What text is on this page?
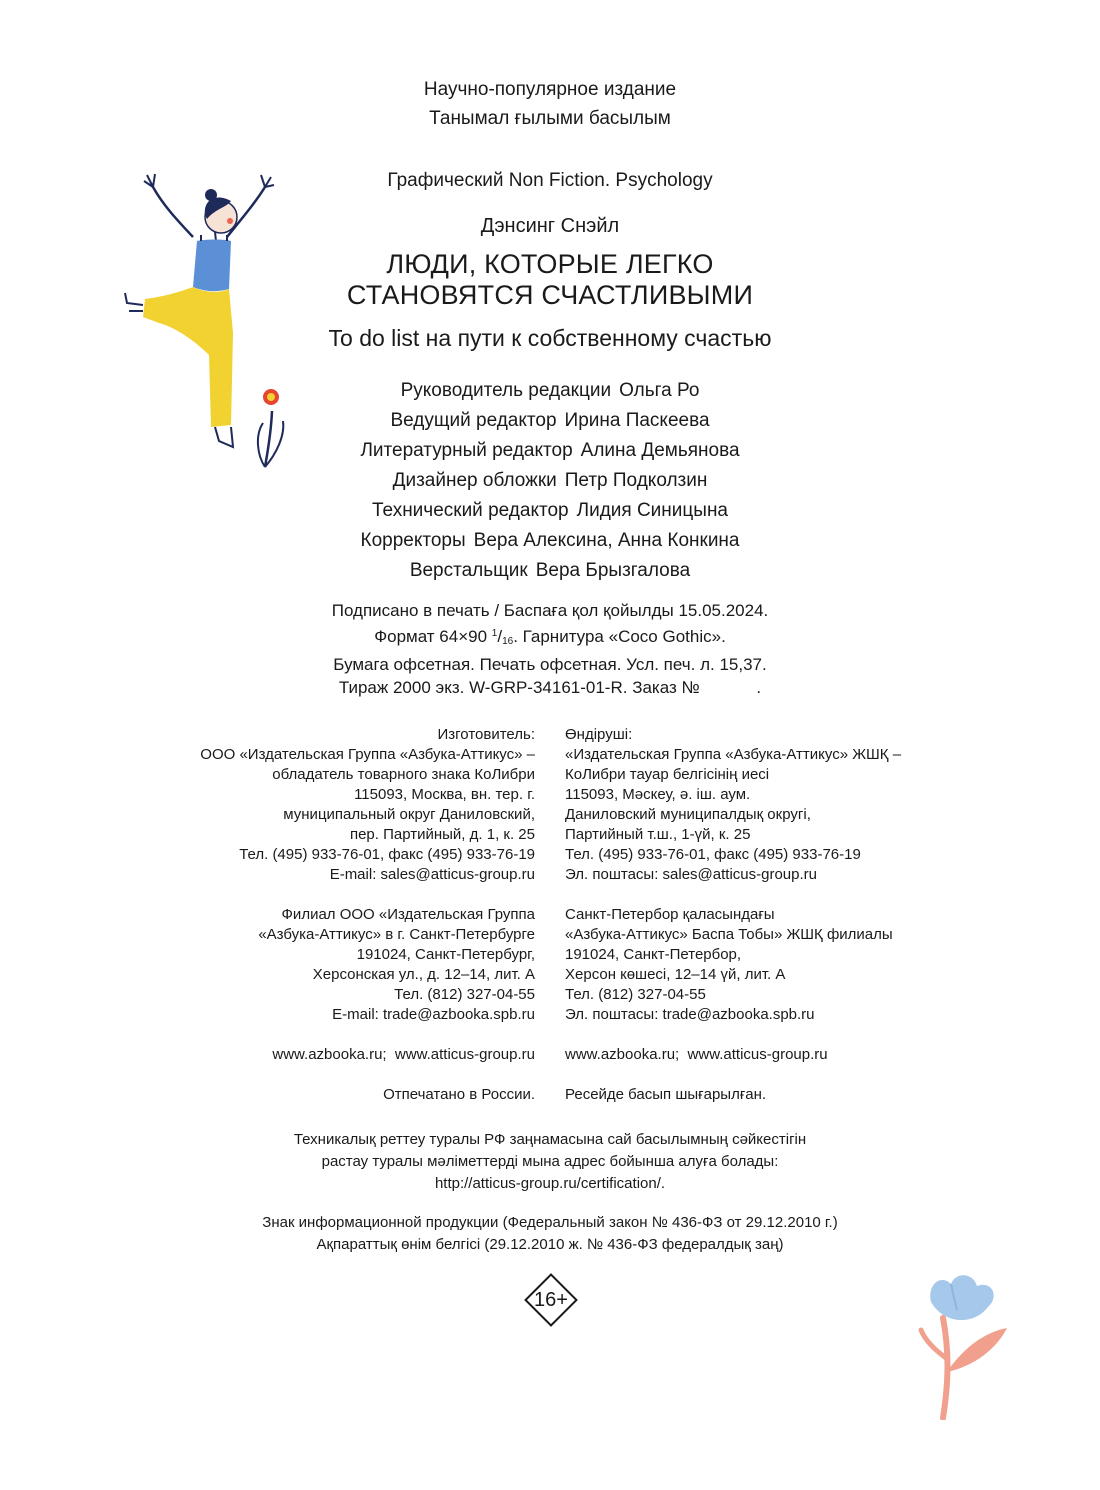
Научно-популярное издание
Танымал ғылыми басылым
Графический Non Fiction. Psychology
Дэнсинг Снэйл
ЛЮДИ, КОТОРЫЕ ЛЕГКО
СТАНОВЯТСЯ СЧАСТЛИВЫМИ
To do list на пути к собственному счастью
Руководитель редакции Ольга Ро
Ведущий редактор Ирина Паскеева
Литературный редактор Алина Демьянова
Дизайнер обложки Петр Подколзин
Технический редактор Лидия Синицына
Корректоры Вера Алексина, Анна Конкина
Верстальщик Вера Брызгалова
Подписано в печать / Баспаға қол қойылды 15.05.2024.
Формат 64×90 $^1/_{16}$. Гарнитура «Coco Gothic».
Бумага офсетная. Печать офсетная. Усл. печ. л. 15,37.
Тираж 2000 экз. W-GRP-34161-01-R. Заказ №            .
Изготовитель:
ООО «Издательская Группа «Азбука-Аттикус» –
обладатель товарного знака КоЛибри
115093, Москва, вн. тер. г.
муниципальный округ Даниловский,
пер. Партийный, д. 1, к. 25
Тел. (495) 933-76-01, факс (495) 933-76-19
E-mail: sales@atticus-group.ru
Өндіруші:
«Издательская Группа «Азбука-Аттикус» ЖШҚ –
КоЛибри тауар белгісінің иесі
115093, Мәскеу, ә. іш. аум.
Даниловский муниципалдық округі,
Партийный т.ш., 1-үй, к. 25
Тел. (495) 933-76-01, факс (495) 933-76-19
Эл. поштасы: sales@atticus-group.ru
Филиал ООО «Издательская Группа
«Азбука-Аттикус» в г. Санкт-Петербурге
191024, Санкт-Петербург,
Херсонская ул., д. 12–14, лит. А
Тел. (812) 327-04-55
E-mail: trade@azbooka.spb.ru
Санкт-Петербор қаласындағы
«Азбука-Аттикус» Баспа Тобы» ЖШҚ филиалы
191024, Санкт-Петербор,
Херсон көшесі, 12–14 үй, лит. А
Тел. (812) 327-04-55
Эл. поштасы: trade@azbooka.spb.ru
www.azbooka.ru;  www.atticus-group.ru www.azbooka.ru;  www.atticus-group.ru
Отпечатано в России. Ресейде басып шығарылған.
Техникалық реттеу туралы РФ заңнамасына сай басылымның сәйкестігін
растау туралы мәліметтерді мына адрес бойынша алуға болады:
http://atticus-group.ru/certification/.
Знак информационной продукции (Федеральный закон № 436-ФЗ от 29.12.2010 г.)
Ақпараттық өнім белгісі (29.12.2010 ж. № 436-ФЗ федералдық заң)
16+
